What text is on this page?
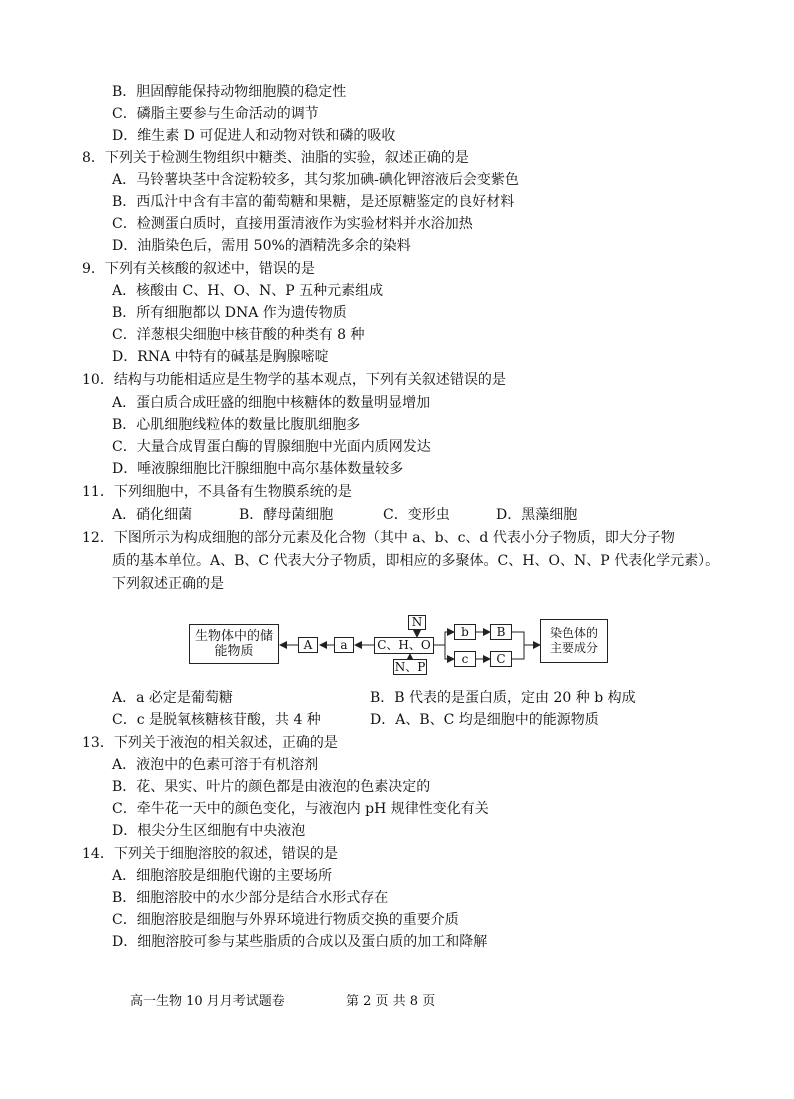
B．胆固醇能保持动物细胞膜的稳定性
C．磷脂主要参与生命活动的调节
D．维生素 D 可促进人和动物对铁和磷的吸收
8．下列关于检测生物组织中糖类、油脂的实验，叙述正确的是
A．马铃薯块茎中含淀粉较多，其匀浆加碘-碘化钾溶液后会变紫色
B．西瓜汁中含有丰富的葡萄糖和果糖，是还原糖鉴定的良好材料
C．检测蛋白质时，直接用蛋清液作为实验材料并水浴加热
D．油脂染色后，需用 50%的酒精洗多余的染料
9．下列有关核酸的叙述中，错误的是
A．核酸由 C、H、O、N、P 五种元素组成
B．所有细胞都以 DNA 作为遗传物质
C．洋葱根尖细胞中核苷酸的种类有 8 种
D．RNA 中特有的碱基是胸腺嘧啶
10．结构与功能相适应是生物学的基本观点，下列有关叙述错误的是
A．蛋白质合成旺盛的细胞中核糖体的数量明显增加
B．心肌细胞线粒体的数量比腹肌细胞多
C．大量合成胃蛋白酶的胃腺细胞中光面内质网发达
D．唾液腺细胞比汗腺细胞中高尔基体数量较多
11．下列细胞中，不具备有生物膜系统的是
A．硝化细菌	B．酵母菌细胞	C．变形虫	D．黑藻细胞
12．下图所示为构成细胞的部分元素及化合物（其中 a、b、c、d 代表小分子物质，即大分子物
质的基本单位。A、B、C 代表大分子物质，即相应的多聚体。C、H、O、N、P 代表化学元素）。
下列叙述正确的是
生物体中的储能物质	A	a	C、H、O
N
N、P
b	B
c	C
染色体的主要成分
A．a 必定是葡萄糖	B．B 代表的是蛋白质，定由 20 种 b 构成
C．c 是脱氧核糖核苷酸，共 4 种	D．A、B、C 均是细胞中的能源物质
13．下列关于液泡的相关叙述，正确的是
A．液泡中的色素可溶于有机溶剂
B．花、果实、叶片的颜色都是由液泡的色素决定的
C．牵牛花一天中的颜色变化，与液泡内 pH 规律性变化有关
D．根尖分生区细胞有中央液泡
14．下列关于细胞溶胶的叙述，错误的是
A．细胞溶胶是细胞代谢的主要场所
B．细胞溶胶中的水少部分是结合水形式存在
C．细胞溶胶是细胞与外界环境进行物质交换的重要介质
D．细胞溶胶可参与某些脂质的合成以及蛋白质的加工和降解
高一生物 10 月月考试题卷	第 2 页 共 8 页
